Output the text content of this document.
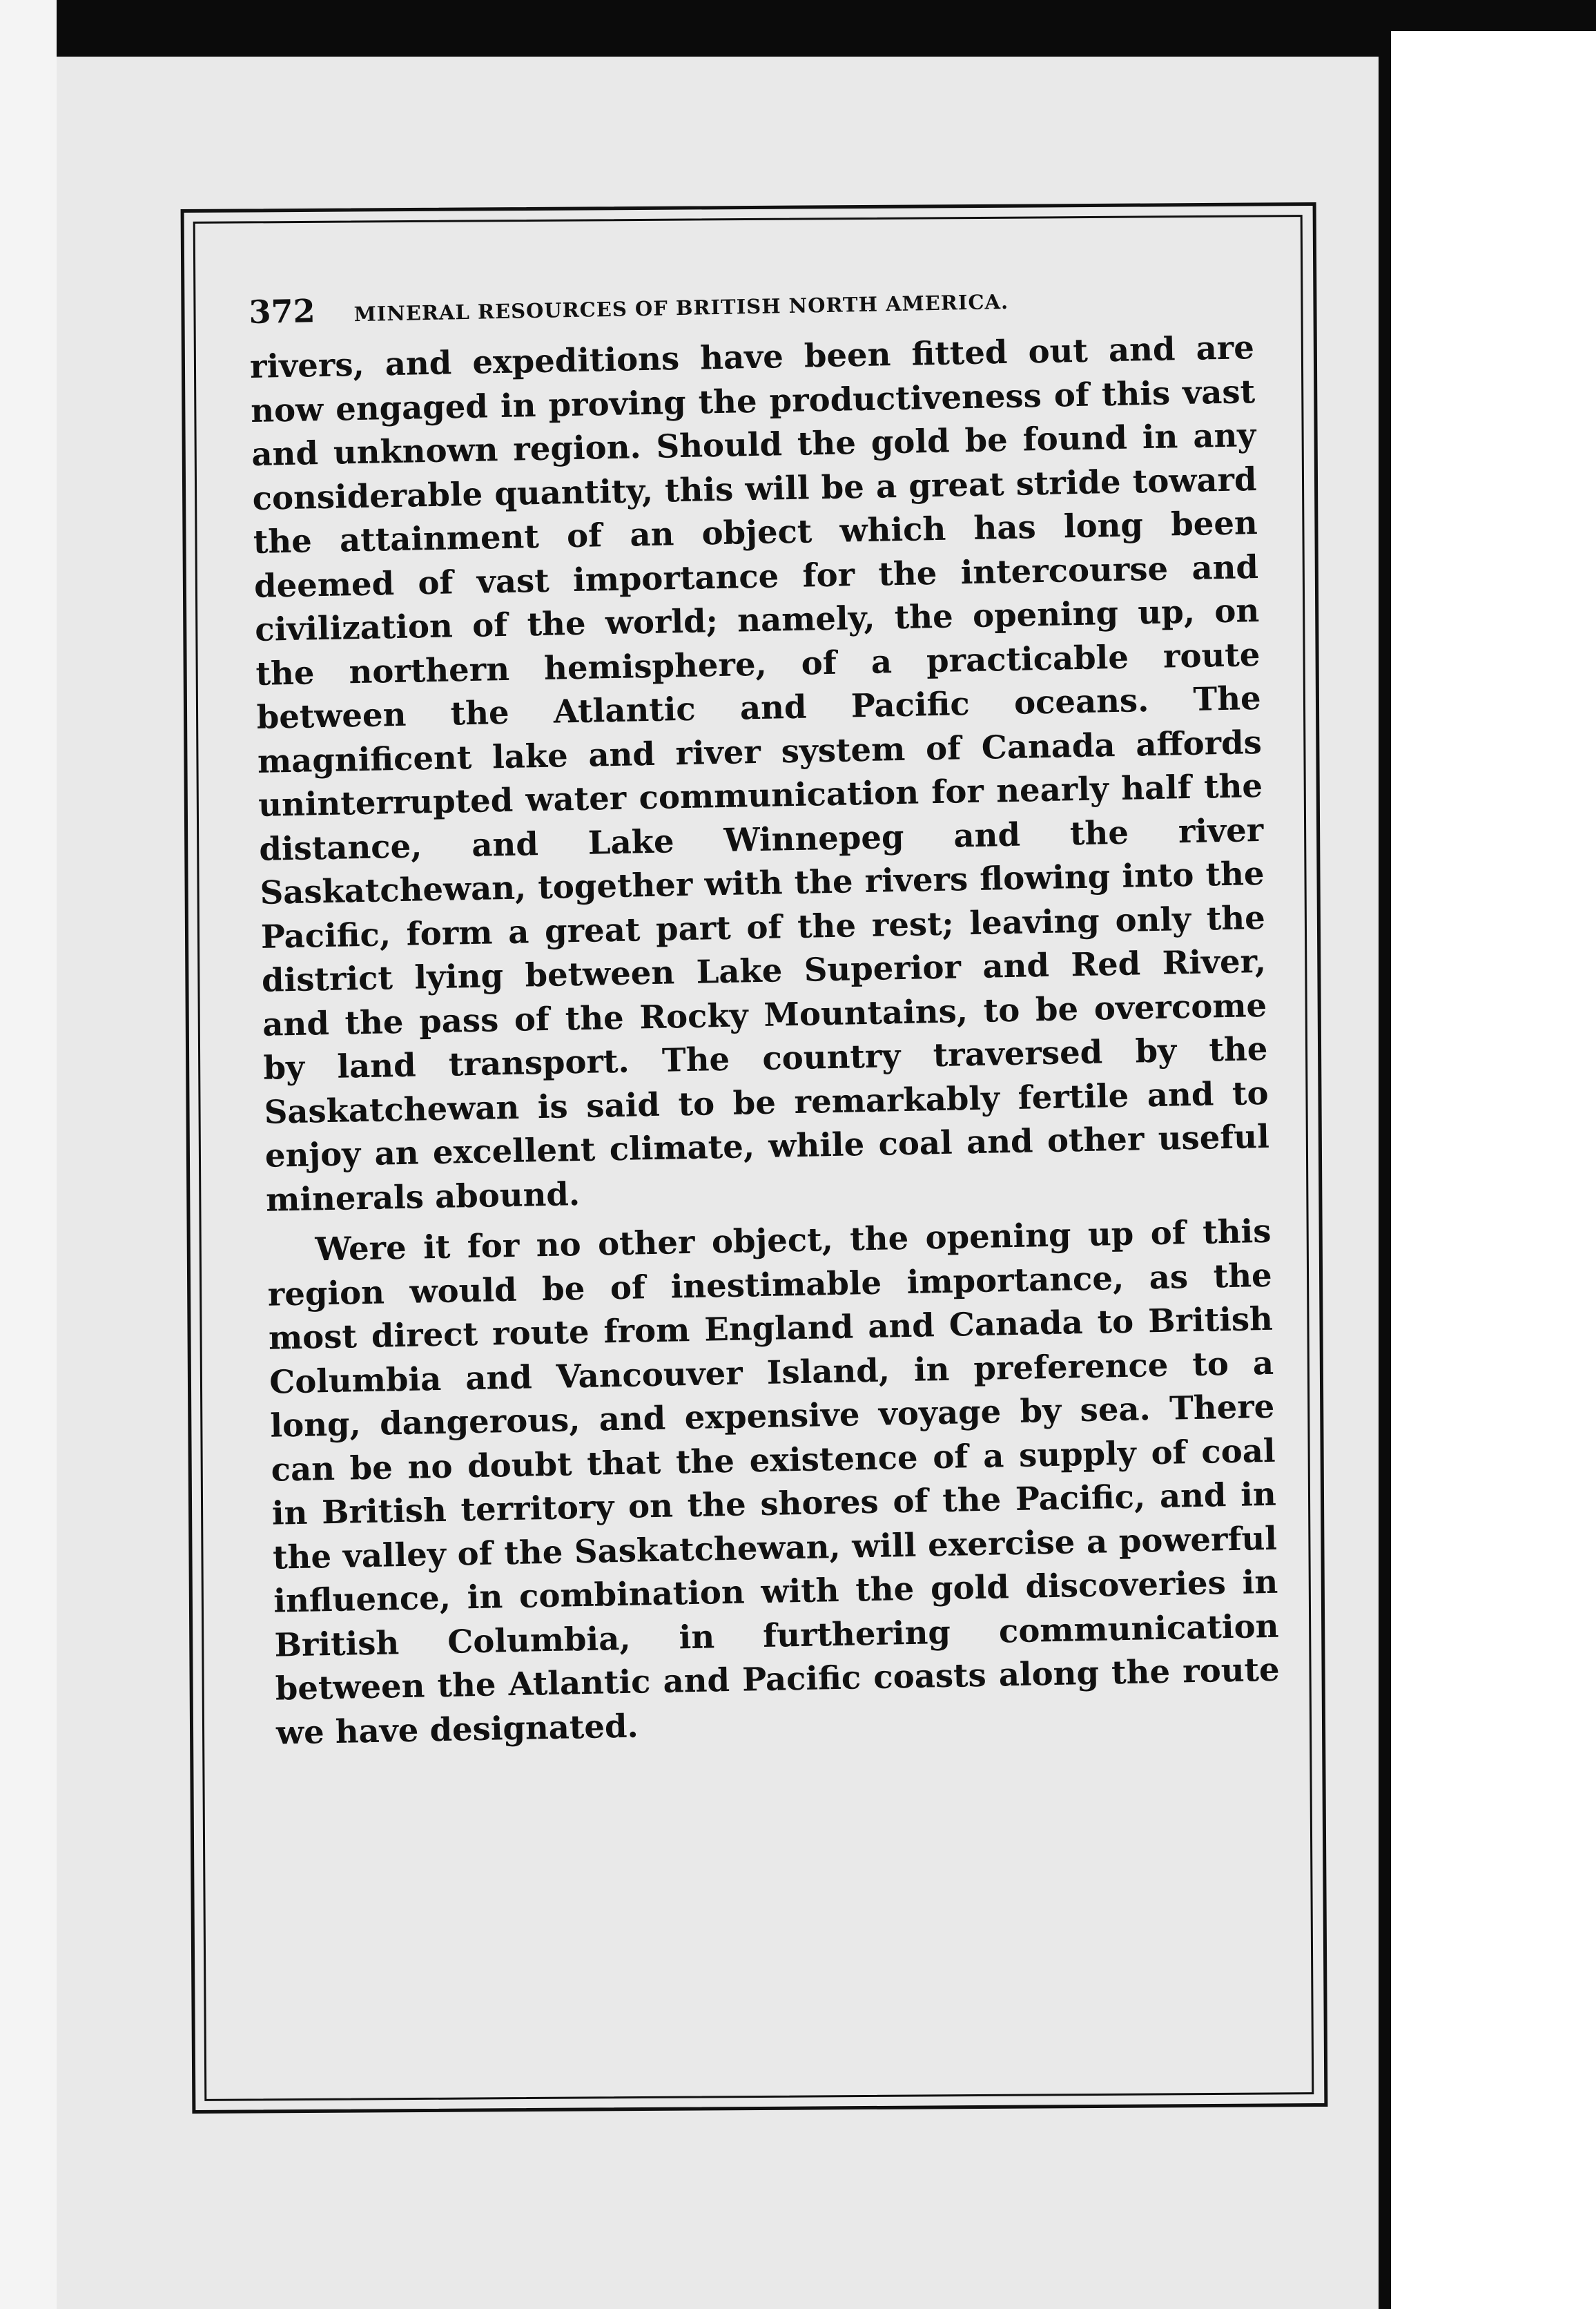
372 MINERAL RESOURCES OF BRITISH NORTH AMERICA.

rivers, and expeditions have been fitted out and are now engaged in proving the productiveness of this vast and unknown region. Should the gold be found in any considerable quantity, this will be a great stride toward the attainment of an object which has long been deemed of vast importance for the intercourse and civilization of the world; namely, the opening up, on the northern hemisphere, of a practicable route between the Atlantic and Pacific oceans. The magnificent lake and river system of Canada affords uninterrupted water communication for nearly half the distance, and Lake Winnepeg and the river Saskatchewan, together with the rivers flowing into the Pacific, form a great part of the rest; leaving only the district lying between Lake Superior and Red River, and the pass of the Rocky Mountains, to be overcome by land transport. The country traversed by the Saskatchewan is said to be remarkably fertile and to enjoy an excellent climate, while coal and other useful minerals abound.

Were it for no other object, the opening up of this region would be of inestimable importance, as the most direct route from England and Canada to British Columbia and Vancouver Island, in preference to a long, dangerous, and expensive voyage by sea. There can be no doubt that the existence of a supply of coal in British territory on the shores of the Pacific, and in the valley of the Saskatchewan, will exercise a powerful influence, in combination with the gold discoveries in British Columbia, in furthering communication between the Atlantic and Pacific coasts along the route we have designated.
